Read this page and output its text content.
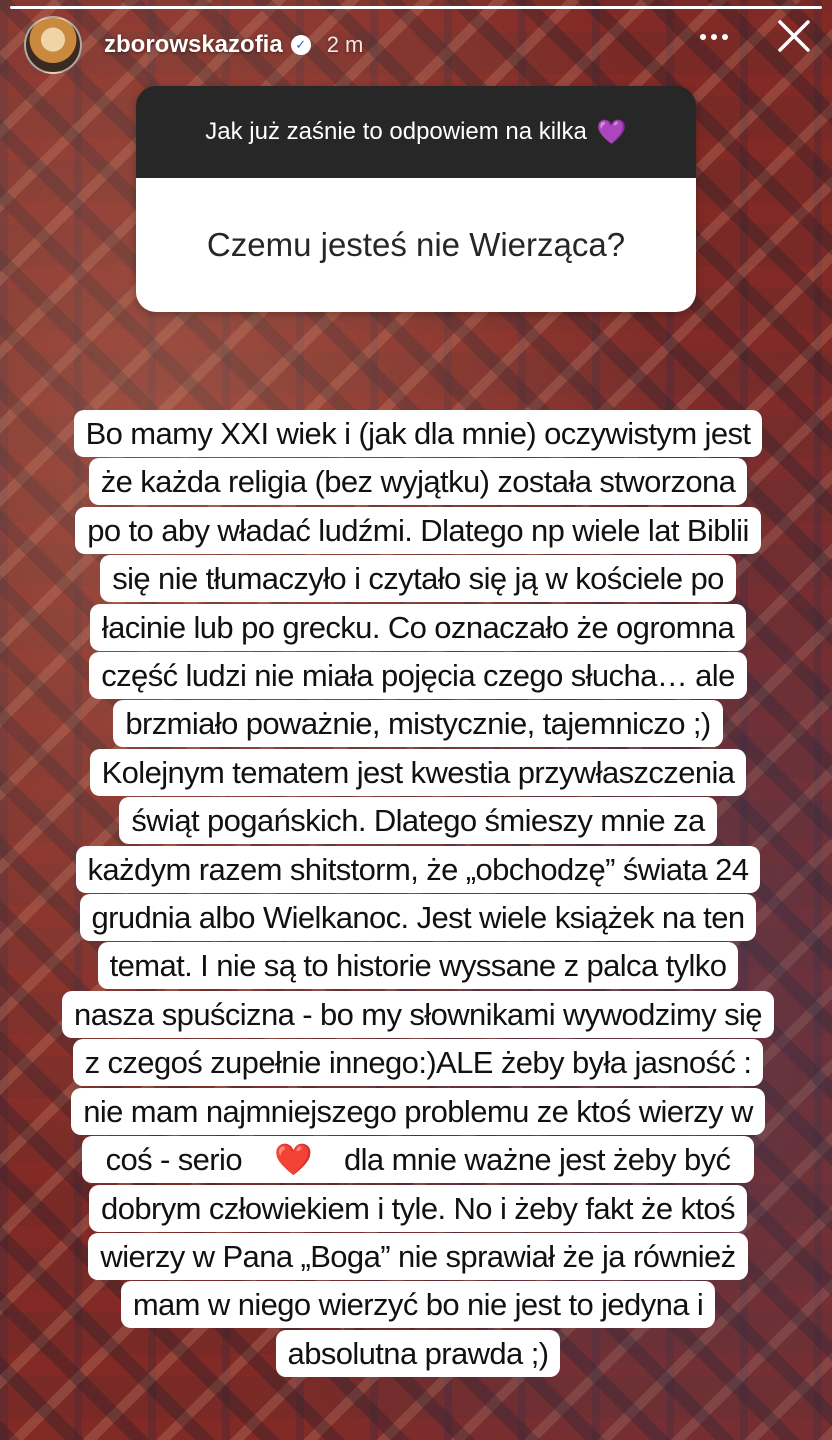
zborowskazofia ✓ 2 m
Jak już zaśnie to odpowiem na kilka 💜
Czemu jesteś nie Wierząca?
Bo mamy XXI wiek i (jak dla mnie) oczywistym jest
że każda religia (bez wyjątku) została stworzona
po to aby władać ludźmi. Dlatego np wiele lat Biblii
się nie tłumaczyło i czytało się ją w kościele po
łacinie lub po grecku. Co oznaczało że ogromna
część ludzi nie miała pojęcia czego słucha… ale
brzmiało poważnie, mistycznie, tajemniczo ;)
Kolejnym tematem jest kwestia przywłaszczenia
świąt pogańskich. Dlatego śmieszy mnie za
każdym razem shitstorm, że „obchodzę” świata 24
grudnia albo Wielkanoc. Jest wiele książek na ten
temat. I nie są to historie wyssane z palca tylko
nasza spuścizna - bo my słownikami wywodzimy się
z czegoś zupełnie innego:)ALE żeby była jasność :
nie mam najmniejszego problemu ze ktoś wierzy w
coś - serio ❤️ dla mnie ważne jest żeby być
dobrym człowiekiem i tyle. No i żeby fakt że ktoś
wierzy w Pana „Boga” nie sprawiał że ja również
mam w niego wierzyć bo nie jest to jedyna i
absolutna prawda ;)
